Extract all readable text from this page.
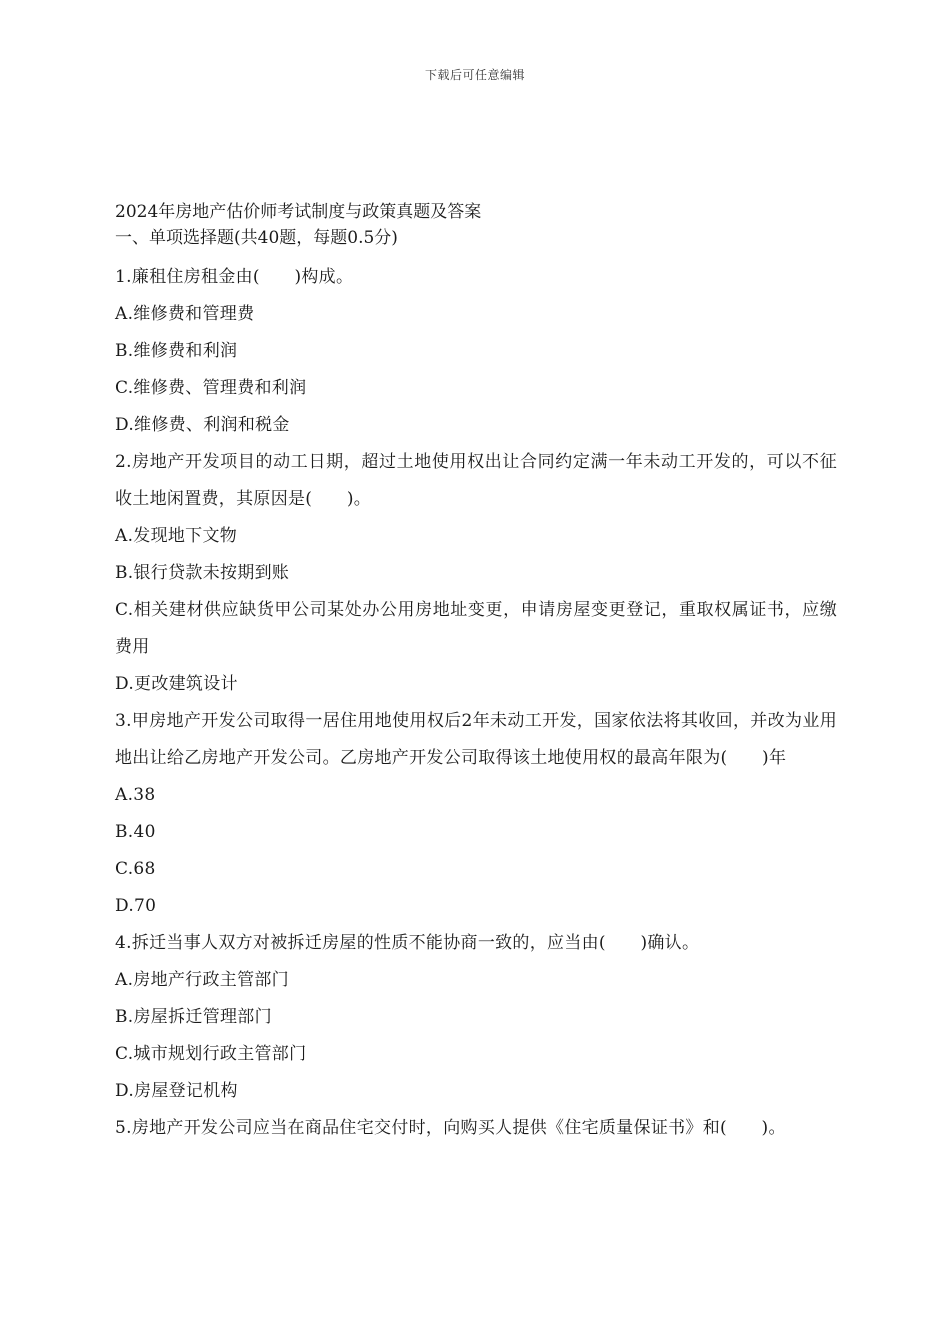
下载后可任意编辑
2024年房地产估价师考试制度与政策真题及答案

一、单项选择题(共40题，每题0.5分)

1.廉租住房租金由(　　)构成。

A.维修费和管理费

B.维修费和利润

C.维修费、管理费和利润

D.维修费、利润和税金

2.房地产开发项目的动工日期，超过土地使用权出让合同约定满一年未动工开发的，可以不征收土地闲置费，其原因是(　　)。

A.发现地下文物

B.银行贷款未按期到账

C.相关建材供应缺货甲公司某处办公用房地址变更，申请房屋变更登记，重取权属证书，应缴费用

D.更改建筑设计

3.甲房地产开发公司取得一居住用地使用权后2年未动工开发，国家依法将其收回，并改为业用地出让给乙房地产开发公司。乙房地产开发公司取得该土地使用权的最高年限为(　　)年

A.38

B.40

C.68

D.70

4.拆迁当事人双方对被拆迁房屋的性质不能协商一致的，应当由(　　)确认。

A.房地产行政主管部门

B.房屋拆迁管理部门

C.城市规划行政主管部门

D.房屋登记机构

5.房地产开发公司应当在商品住宅交付时，向购买人提供《住宅质量保证书》和(　　)。
